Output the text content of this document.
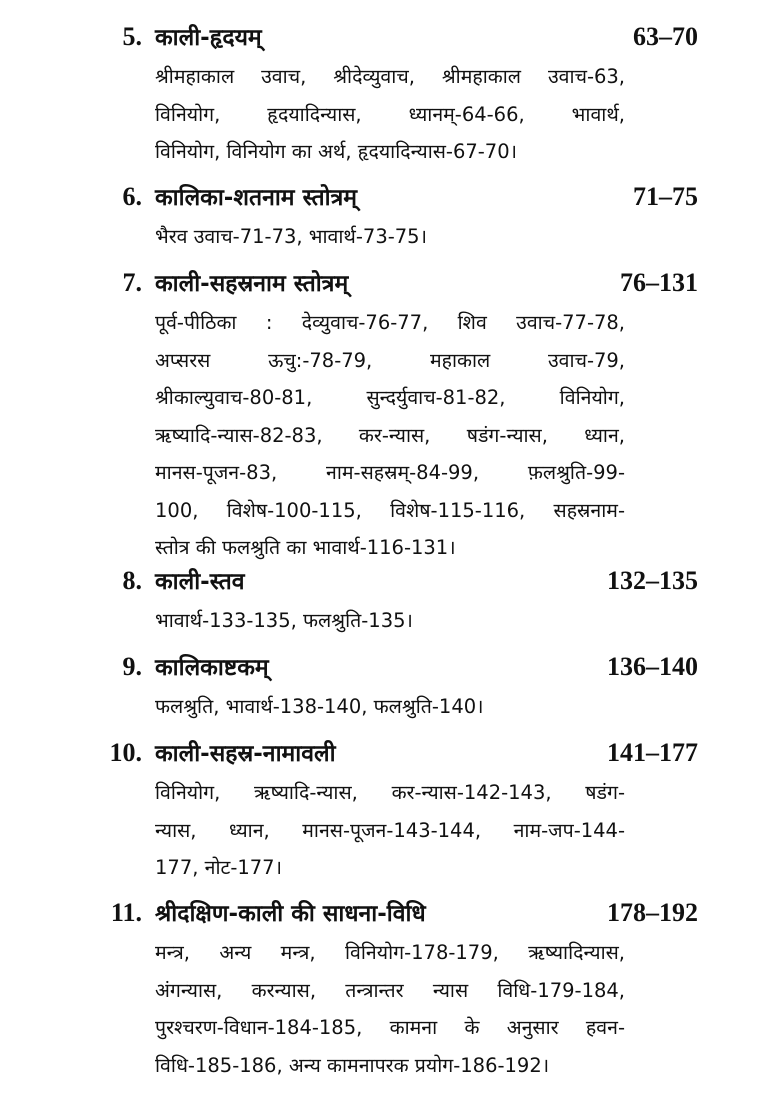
5. काली-हृदयम्	63–70
श्रीमहाकाल उवाच, श्रीदेव्युवाच, श्रीमहाकाल उवाच-63,
विनियोग, हृदयादिन्यास, ध्यानम्-64-66, भावार्थ,
विनियोग, विनियोग का अर्थ, हृदयादिन्यास-67-70।
6. कालिका-शतनाम स्तोत्रम्	71–75
भैरव उवाच-71-73, भावार्थ-73-75।
7. काली-सहस्रनाम स्तोत्रम्	76–131
पूर्व-पीठिका : देव्युवाच-76-77, शिव उवाच-77-78,
अप्सरस ऊचु:-78-79, महाकाल उवाच-79,
श्रीकाल्युवाच-80-81, सुन्दर्युवाच-81-82, विनियोग,
ऋष्यादि-न्यास-82-83, कर-न्यास, षडंग-न्यास, ध्यान,
मानस-पूजन-83, नाम-सहस्रम्-84-99, फ़लश्रुति-99-
100, विशेष-100-115, विशेष-115-116, सहस्रनाम-
स्तोत्र की फलश्रुति का भावार्थ-116-131।
8. काली-स्तव	132–135
भावार्थ-133-135, फलश्रुति-135।
9. कालिकाष्टकम्	136–140
फलश्रुति, भावार्थ-138-140, फलश्रुति-140।
10. काली-सहस्र-नामावली	141–177
विनियोग, ऋष्यादि-न्यास, कर-न्यास-142-143, षडंग-
न्यास, ध्यान, मानस-पूजन-143-144, नाम-जप-144-
177, नोट-177।
11. श्रीदक्षिण-काली की साधना-विधि	178–192
मन्त्र, अन्य मन्त्र, विनियोग-178-179, ऋष्यादिन्यास,
अंगन्यास, करन्यास, तन्त्रान्तर न्यास विधि-179-184,
पुरश्चरण-विधान-184-185, कामना के अनुसार हवन-
विधि-185-186, अन्य कामनापरक प्रयोग-186-192।
